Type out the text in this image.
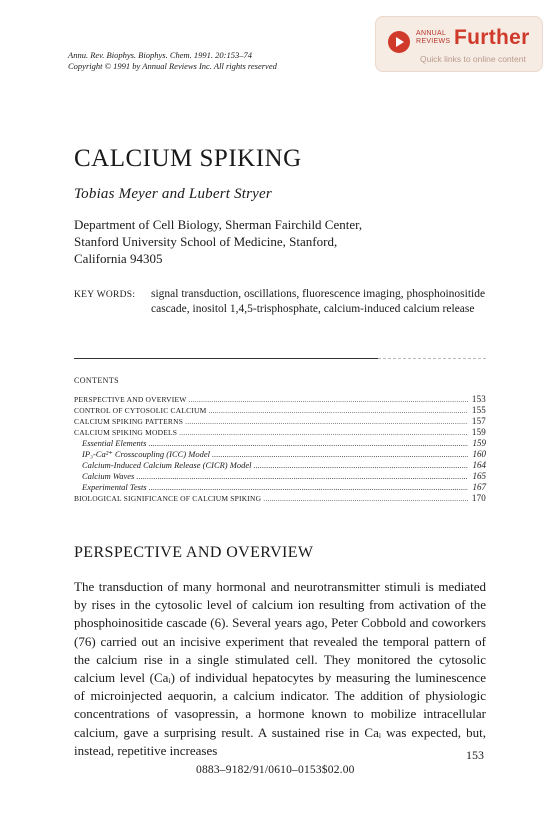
ANNUAL
REVIEWS Further
Quick links to online content
Annu. Rev. Biophys. Biophys. Chem. 1991. 20:153–74
Copyright © 1991 by Annual Reviews Inc. All rights reserved
CALCIUM SPIKING
Tobias Meyer and Lubert Stryer
Department of Cell Biology, Sherman Fairchild Center,
Stanford University School of Medicine, Stanford,
California 94305
KEY WORDS: signal transduction, oscillations, fluorescence imaging, phosphoinositide cascade, inositol 1,4,5-trisphosphate, calcium-induced calcium release
CONTENTS
PERSPECTIVE AND OVERVIEW .....	153
CONTROL OF CYTOSOLIC CALCIUM .....	155
CALCIUM SPIKING PATTERNS .....	157
CALCIUM SPIKING MODELS .....	159
Essential Elements .....	159
IP₃-Ca²⁺ Crosscoupling (ICC) Model .....	160
Calcium-Induced Calcium Release (CICR) Model .....	164
Calcium Waves .....	165
Experimental Tests .....	167
BIOLOGICAL SIGNIFICANCE OF CALCIUM SPIKING .....	170
PERSPECTIVE AND OVERVIEW
The transduction of many hormonal and neurotransmitter stimuli is mediated by rises in the cytosolic level of calcium ion resulting from activation of the phosphoinositide cascade (6). Several years ago, Peter Cobbold and coworkers (76) carried out an incisive experiment that revealed the temporal pattern of the calcium rise in a single stimulated cell. They monitored the cytosolic calcium level (Caᵢ) of individual hepatocytes by measuring the luminescence of microinjected aequorin, a calcium indicator. The addition of physiologic concentrations of vasopressin, a hormone known to mobilize intracellular calcium, gave a surprising result. A sustained rise in Caᵢ was expected, but, instead, repetitive increases	153
0883–9182/91/0610–0153$02.00
